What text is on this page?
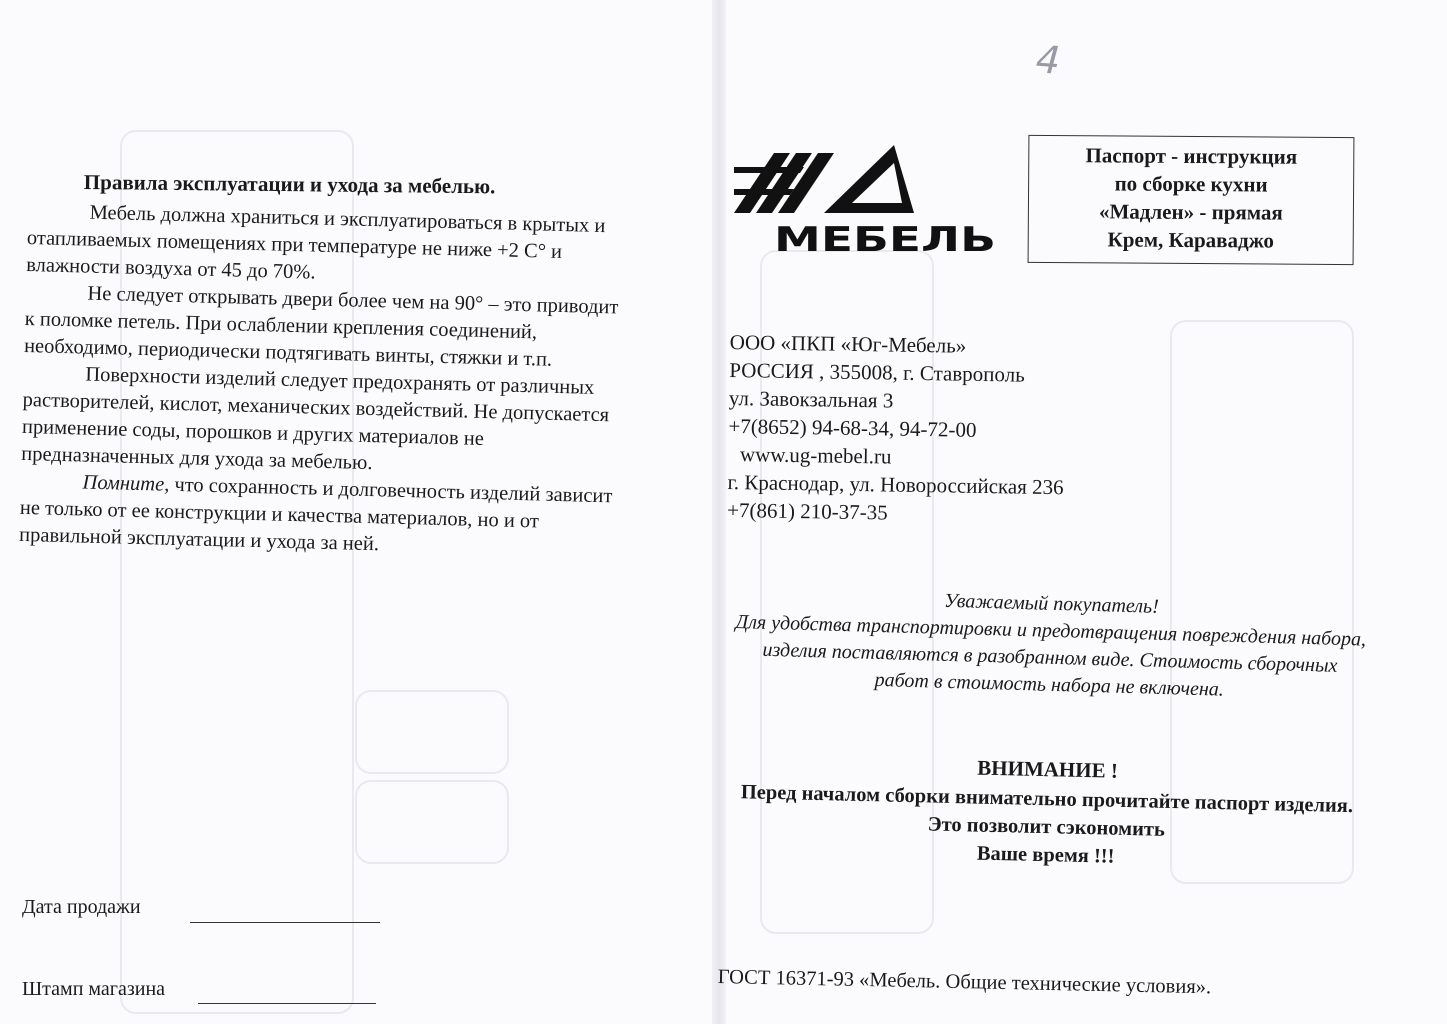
4
Правила эксплуатации и ухода за мебелью.

Мебель должна храниться и эксплуатироваться в крытых и отапливаемых помещениях при температуре не ниже +2 С° и влажности воздуха от 45 до 70%.

Не следует открывать двери более чем на 90° – это приводит к поломке петель. При ослаблении крепления соединений, необходимо, периодически подтягивать винты, стяжки и т.п.

Поверхности изделий следует предохранять от различных растворителей, кислот, механических воздействий. Не допускается применение соды, порошков и других материалов не предназначенных для ухода за мебелью.

Помните, что сохранность и долговечность изделий зависит не только от ее конструкции и качества материалов, но и от правильной эксплуатации и ухода за ней.

Дата продажи
Штамп магазина
МЕБЕЛЬ
Паспорт - инструкция
по сборке кухни
«Мадлен» - прямая
Крем, Караваджо
ООО «ПКП «Юг-Мебель»
РОССИЯ , 355008, г. Ставрополь
ул. Завокзальная 3
+7(8652) 94-68-34, 94-72-00
www.ug-mebel.ru
г. Краснодар, ул. Новороссийская 236
+7(861) 210-37-35

Уважаемый покупатель!

Для удобства транспортировки и предотвращения повреждения набора, изделия поставляются в разобранном виде. Стоимость сборочных работ в стоимость набора не включена.

ВНИМАНИЕ !

Перед началом сборки внимательно прочитайте паспорт изделия. Это позволит сэкономить

Ваше время !!!

ГОСТ 16371-93 «Мебель. Общие технические условия».
